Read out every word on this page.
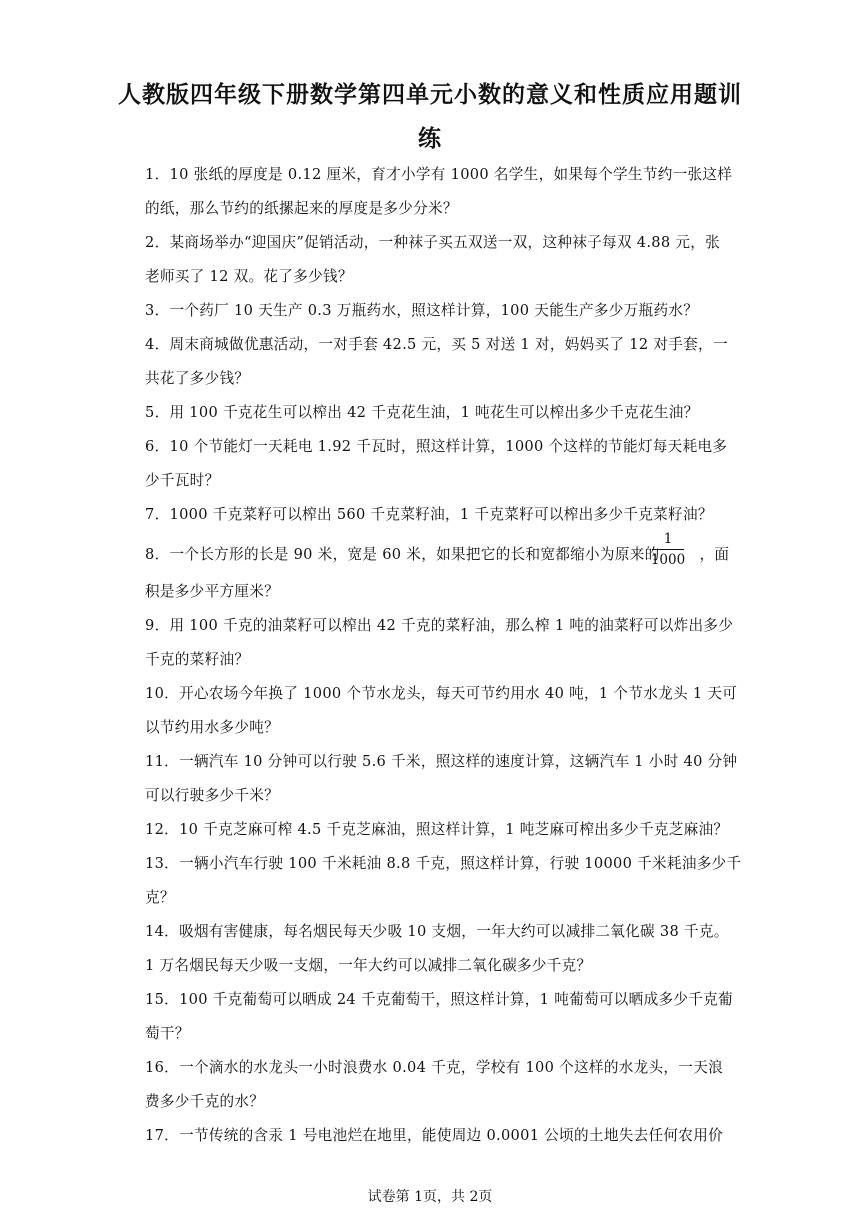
人教版四年级下册数学第四单元小数的意义和性质应用题训
练
1．10 张纸的厚度是 0.12 厘米，育才小学有 1000 名学生，如果每个学生节约一张这样
的纸，那么节约的纸摞起来的厚度是多少分米？
2．某商场举办“迎国庆”促销活动，一种袜子买五双送一双，这种袜子每双 4.88 元，张
老师买了 12 双。花了多少钱？
3．一个药厂 10 天生产 0.3 万瓶药水，照这样计算，100 天能生产多少万瓶药水？
4．周末商城做优惠活动，一对手套 42.5 元，买 5 对送 1 对，妈妈买了 12 对手套，一
共花了多少钱？
5．用 100 千克花生可以榨出 42 千克花生油，1 吨花生可以榨出多少千克花生油？
6．10 个节能灯一天耗电 1.92 千瓦时，照这样计算，1000 个这样的节能灯每天耗电多
少千瓦时？
7．1000 千克菜籽可以榨出 560 千克菜籽油，1 千克菜籽可以榨出多少千克菜籽油？
8．一个长方形的长是 90 米，宽是 60 米，如果把它的长和宽都缩小为原来的	，面
1
1000
积是多少平方厘米？
9．用 100 千克的油菜籽可以榨出 42 千克的菜籽油，那么榨 1 吨的油菜籽可以炸出多少
千克的菜籽油？
10．开心农场今年换了 1000 个节水龙头，每天可节约用水 40 吨，1 个节水龙头 1 天可
以节约用水多少吨？
11．一辆汽车 10 分钟可以行驶 5.6 千米，照这样的速度计算，这辆汽车 1 小时 40 分钟
可以行驶多少千米？
12．10 千克芝麻可榨 4.5 千克芝麻油，照这样计算，1 吨芝麻可榨出多少千克芝麻油？
13．一辆小汽车行驶 100 千米耗油 8.8 千克，照这样计算，行驶 10000 千米耗油多少千
克？
14．吸烟有害健康，每名烟民每天少吸 10 支烟，一年大约可以减排二氧化碳 38 千克。
1 万名烟民每天少吸一支烟，一年大约可以减排二氧化碳多少千克？
15．100 千克葡萄可以晒成 24 千克葡萄干，照这样计算，1 吨葡萄可以晒成多少千克葡
萄干？
16．一个滴水的水龙头一小时浪费水 0.04 千克，学校有 100 个这样的水龙头，一天浪
费多少千克的水？
17．一节传统的含汞 1 号电池烂在地里，能使周边 0.0001 公顷的土地失去任何农用价
试卷第 1页，共 2页
